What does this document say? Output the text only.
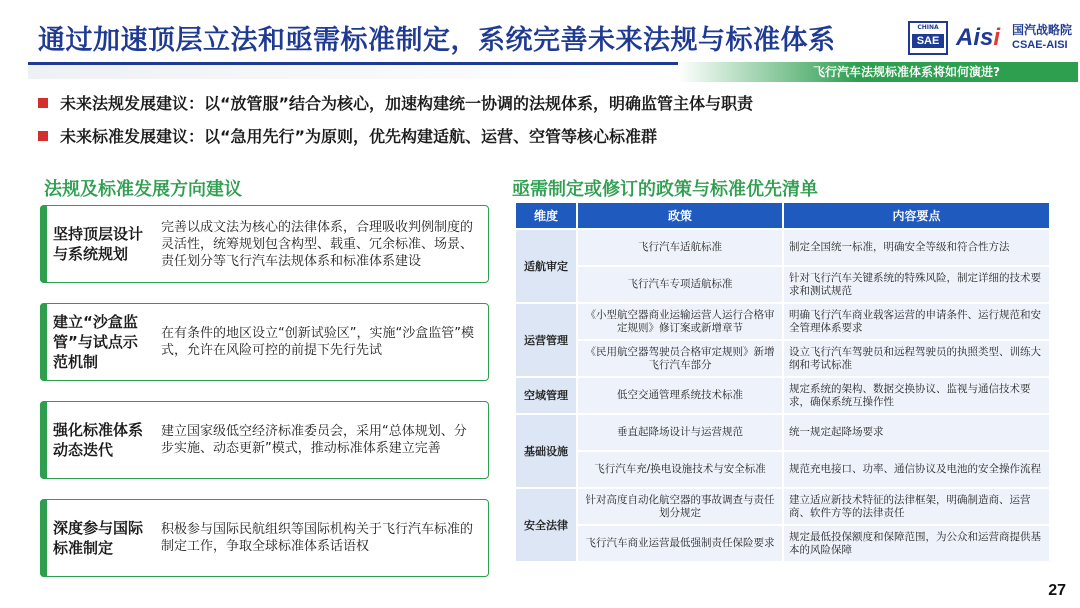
通过加速顶层立法和亟需标准制定，系统完善未来法规与标准体系	CHINA
SAE Aisi 国汽战略院
CSAE-AISI
飞行汽车法规标准体系将如何演进?
未来法规发展建议：以“放管服”结合为核心，加速构建统一协调的法规体系，明确监管主体与职责
未来标准发展建议：以“急用先行”为原则，优先构建适航、运营、空管等核心标准群
法规及标准发展方向建议
坚持顶层设计与系统规划
完善以成文法为核心的法律体系，合理吸收判例制度的灵活性，统筹规划包含构型、载重、冗余标准、场景、责任划分等飞行汽车法规体系和标准体系建设
建立“沙盒监管”与试点示范机制
在有条件的地区设立“创新试验区”，实施“沙盒监管”模式，允许在风险可控的前提下先行先试
强化标准体系动态迭代
建立国家级低空经济标准委员会，采用“总体规划、分步实施、动态更新”模式，推动标准体系建立完善
深度参与国际标准制定
积极参与国际民航组织等国际机构关于飞行汽车标准的制定工作，争取全球标准体系话语权
亟需制定或修订的政策与标准优先清单
维度	政策	内容要点
适航审定	飞行汽车适航标准	制定全国统一标准，明确安全等级和符合性方法
	飞行汽车专项适航标准	针对飞行汽车关键系统的特殊风险，制定详细的技术要求和测试规范
运营管理	《小型航空器商业运输运营人运行合格审定规则》修订案或新增章节	明确飞行汽车商业载客运营的申请条件、运行规范和安全管理体系要求
	《民用航空器驾驶员合格审定规则》新增飞行汽车部分	设立飞行汽车驾驶员和远程驾驶员的执照类型、训练大纲和考试标准
空域管理	低空交通管理系统技术标准	规定系统的架构、数据交换协议、监视与通信技术要求，确保系统互操作性
基础设施	垂直起降场设计与运营规范	统一规定起降场要求
	飞行汽车充/换电设施技术与安全标准	规范充电接口、功率、通信协议及电池的安全操作流程
安全法律	针对高度自动化航空器的事故调查与责任划分规定	建立适应新技术特征的法律框架，明确制造商、运营商、软件方等的法律责任
	飞行汽车商业运营最低强制责任保险要求	规定最低投保额度和保障范围，为公众和运营商提供基本的风险保障
27
